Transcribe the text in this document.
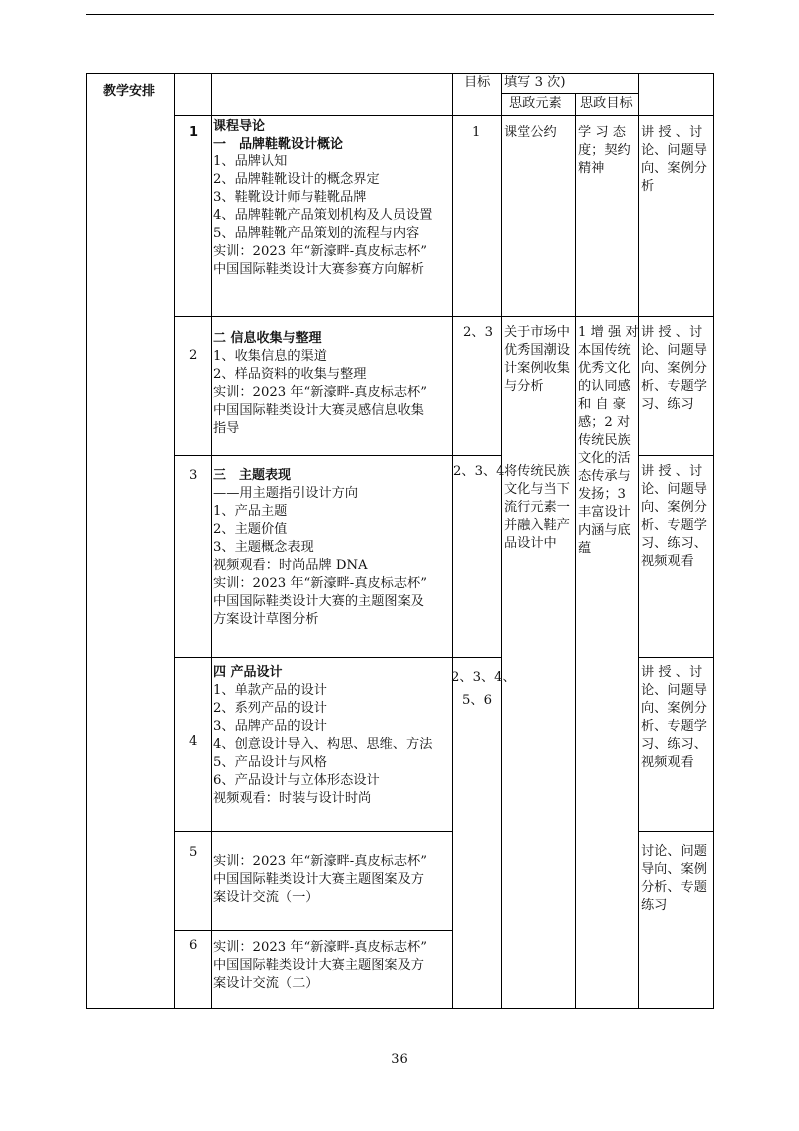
教学安排
目标 填写 3 次)
思政元素 思政目标
1 课程导论
一　品牌鞋靴设计概论
1、品牌认知
2、品牌鞋靴设计的概念界定
3、鞋靴设计师与鞋靴品牌
4、品牌鞋靴产品策划机构及人员设置
5、品牌鞋靴产品策划的流程与内容
实训：2023 年“新濠畔-真皮标志杯”
中国国际鞋类设计大赛参赛方向解析
1 课堂公约 学 习 态
度；契约
精神
讲 授 、讨
论、问题导
向、案例分
析
2
二 信息收集与整理
1、收集信息的渠道
2、样品资料的收集与整理
实训：2023 年“新濠畔-真皮标志杯”
中国国际鞋类设计大赛灵感信息收集
指导
2、3 关于市场中
优秀国潮设
计案例收集
与分析
讲 授 、讨
论、问题导
向、案例分
析、专题学
习、练习
1 增 强 对
本国传统
优秀文化
的认同感
和 自 豪
感；2 对
传统民族
文化的活
态传承与
发扬；3
丰富设计
内涵与底
蕴
3 三　主题表现
——用主题指引设计方向
1、产品主题
2、主题价值
3、主题概念表现
视频观看：时尚品牌 DNA
实训：2023 年“新濠畔-真皮标志杯”
中国国际鞋类设计大赛的主题图案及
方案设计草图分析
2、3、4 将传统民族
文化与当下
流行元素一
并融入鞋产
品设计中
讲 授 、讨
论、问题导
向、案例分
析、专题学
习、练习、
视频观看
4
四 产品设计
1、单款产品的设计
2、系列产品的设计
3、品牌产品的设计
4、创意设计导入、构思、思维、方法
5、产品设计与风格
6、产品设计与立体形态设计
视频观看：时装与设计时尚
2、3、4、
5、6
讲 授 、讨
论、问题导
向、案例分
析、专题学
习、练习、
视频观看
5
实训：2023 年“新濠畔-真皮标志杯”
中国国际鞋类设计大赛主题图案及方
案设计交流（一）
讨论、问题
导向、案例
分析、专题
练习
6 实训：2023 年“新濠畔-真皮标志杯”
中国国际鞋类设计大赛主题图案及方
案设计交流（二）
36
